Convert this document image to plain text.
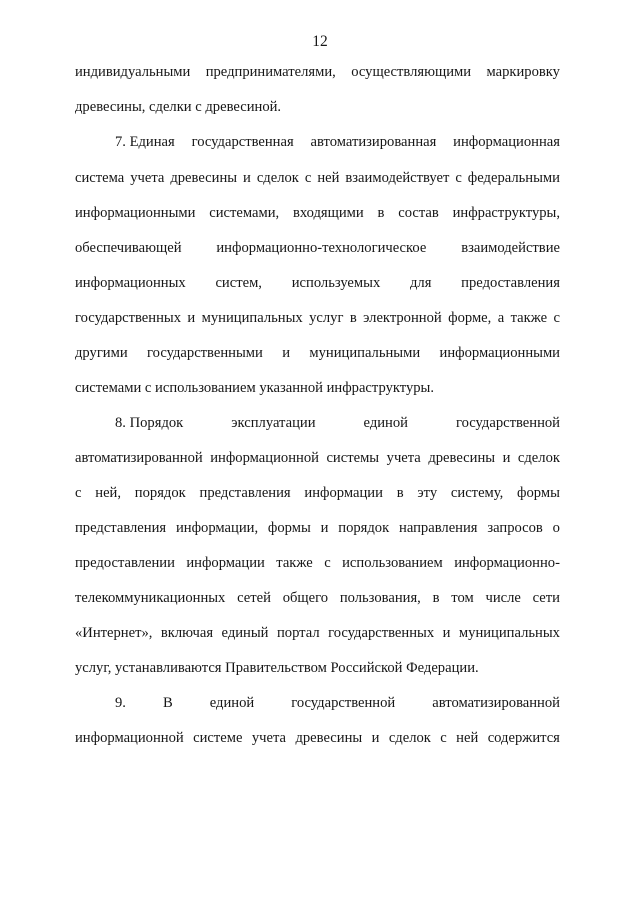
12
индивидуальными предпринимателями, осуществляющими маркировку
древесины, сделки с древесиной.
7. Единая государственная автоматизированная информационная
система учета древесины и сделок с ней взаимодействует с федеральными
информационными системами, входящими в состав инфраструктуры,
обеспечивающей информационно-технологическое взаимодействие
информационных систем, используемых для предоставления
государственных и муниципальных услуг в электронной форме, а также с
другими государственными и муниципальными информационными
системами с использованием указанной инфраструктуры.
8. Порядок	эксплуатации	единой	государственной
автоматизированной информационной системы учета древесины и сделок
с ней, порядок представления информации в эту систему, формы
представления информации, формы и порядок направления запросов о
предоставлении информации также с использованием информационно-
телекоммуникационных сетей общего пользования, в том числе сети
«Интернет», включая единый портал государственных и муниципальных
услуг, устанавливаются Правительством Российской Федерации.
9.	В	единой	государственной	автоматизированной
информационной системе учета древесины и сделок с ней содержится
